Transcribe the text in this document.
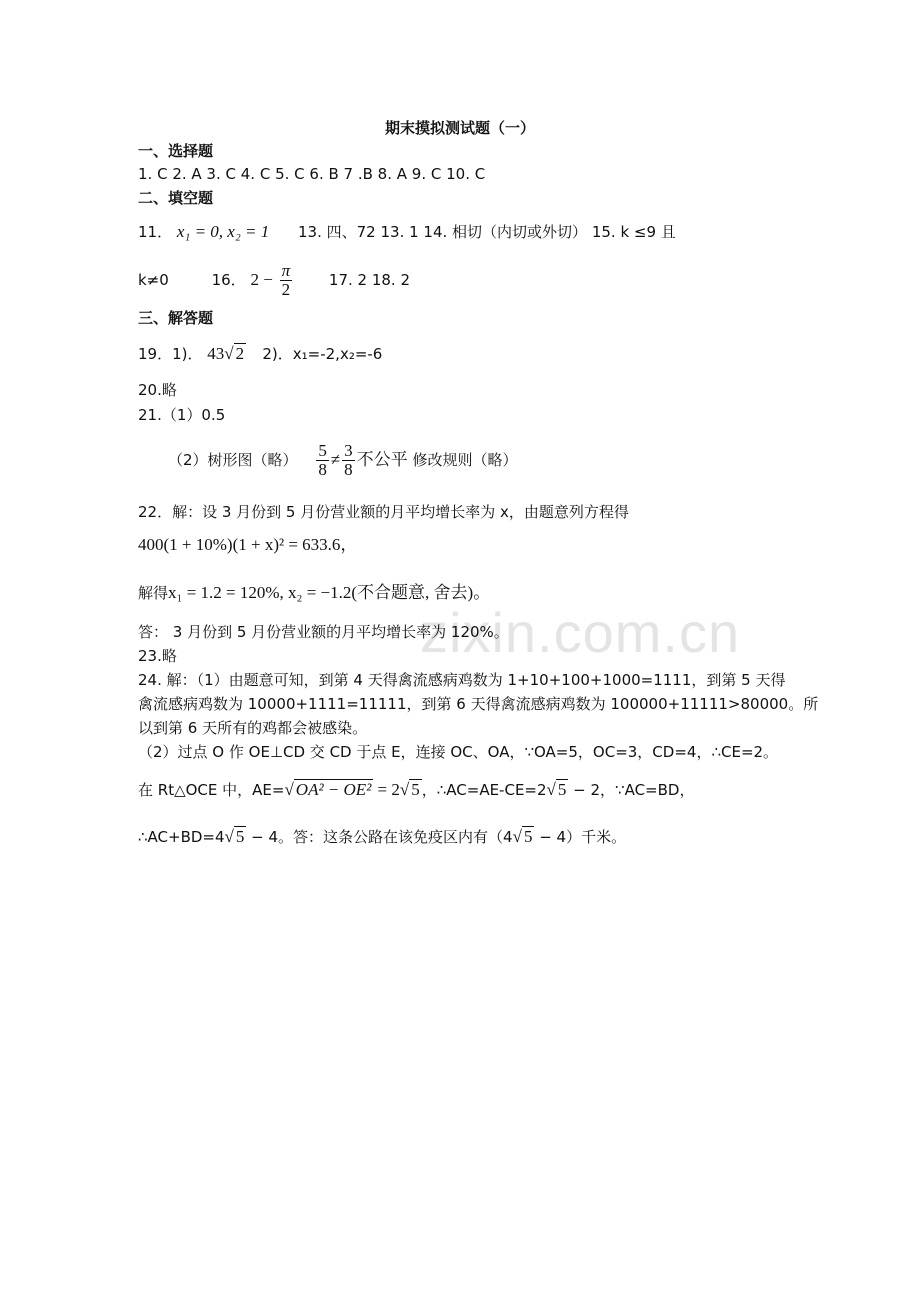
zixin.com.cn
期末摸拟测试题（一）
一、选择题
1. C 2. A 3. C 4. C 5. C 6. B 7 .B 8. A 9. C 10. C
二、填空题
11． x₁ = 0, x₂ = 1 13. 四、72 13. 1 14. 相切（内切或外切） 15. k ≤9 且
k≠0	16． $2 - \frac{\pi}{2} 17$. 2 18. 2
三、解答题
19．1)． 43√ 2 2)．x₁=-2,x₂=-6
20.略
21.（1）0.5
（2）树形图（略） $\frac{5}{8} \ne \frac{3}{8}$ 不公平 修改规则（略）
22．解：设 3 月份到 5 月份营业额的月平均增长率为 x，由题意列方程得
400(1 + 10%)(1 + x)² = 633.6，
解得x₁ = 1.2 = 120%, x₂ = −1.2(不合题意, 舍去)。
答： 3 月份到 5 月份营业额的月平均增长率为 120%。
23.略
24. 解：（1）由题意可知，到第 4 天得禽流感病鸡数为 1+10+100+1000=1111，到第 5 天得
禽流感病鸡数为 10000+1111=11111，到第 6 天得禽流感病鸡数为 100000+11111>80000。所
以到第 6 天所有的鸡都会被感染。
（2）过点 O 作 OE⊥CD 交 CD 于点 E，连接 OC、OA，∵OA=5，OC=3，CD=4，∴CE=2。
在 Rt△OCE 中，AE=√ OA² − OE² = 2√ 5 ，∴AC=AE-CE=2√ 5 − 2，∵AC=BD，
∴AC+BD=4√ 5 − 4。答：这条公路在该免疫区内有（4√ 5 − 4）千米。
